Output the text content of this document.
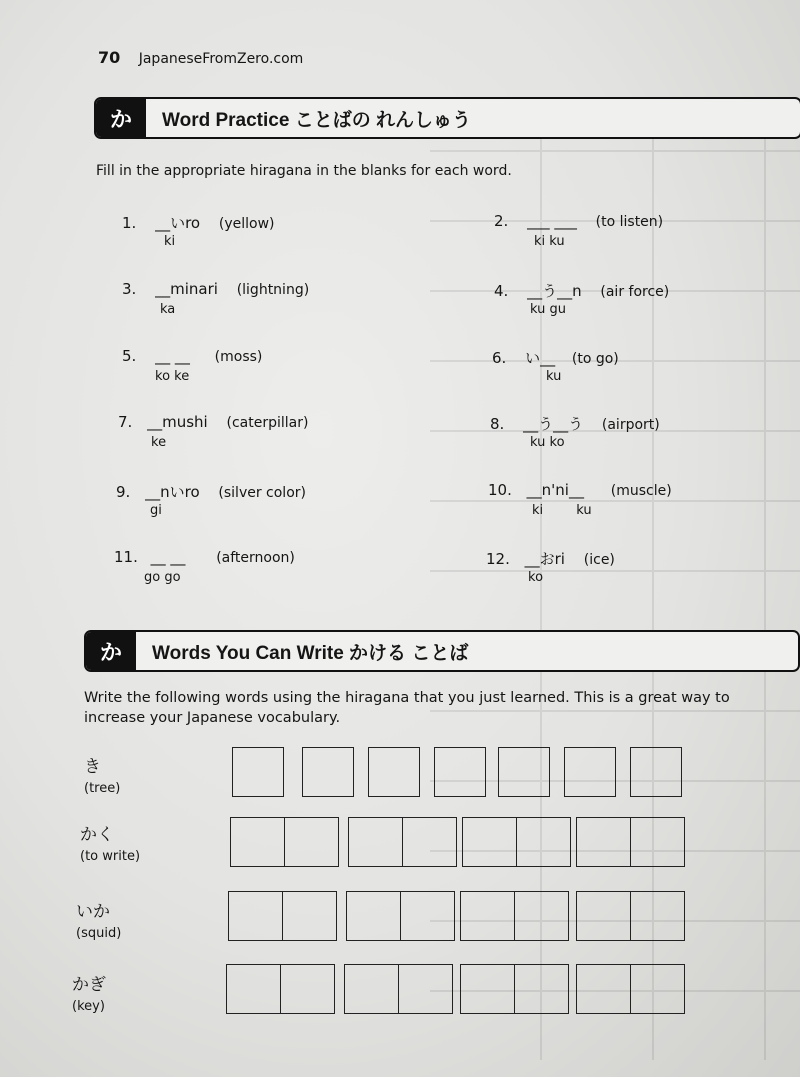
70 JapaneseFromZero.com
か	Word Practice ことばの れんしゅう
Fill in the appropriate hiragana in the blanks for each word.
1. __いro (yellow)
ki
3. __minari (lightning)
ka
5. __ __ (moss)
ko ke
7. __mushi (caterpillar)
ke
9. __nいro (silver color)
gi
11. __ __ (afternoon)
go go
2. ___ ___ (to listen)
ki ku
4. __う__n (air force)
ku gu
6. い__ (to go)
ku
8. __う__う (airport)
ku ko
10. __n'ni__ (muscle)
ki        ku
12. __おri (ice)
ko
か	Words You Can Write かける ことば
Write the following words using the hiragana that you just learned. This is a great way to
increase your Japanese vocabulary.
き
(tree)
かく
(to write)
いか
(squid)
かぎ
(key)
